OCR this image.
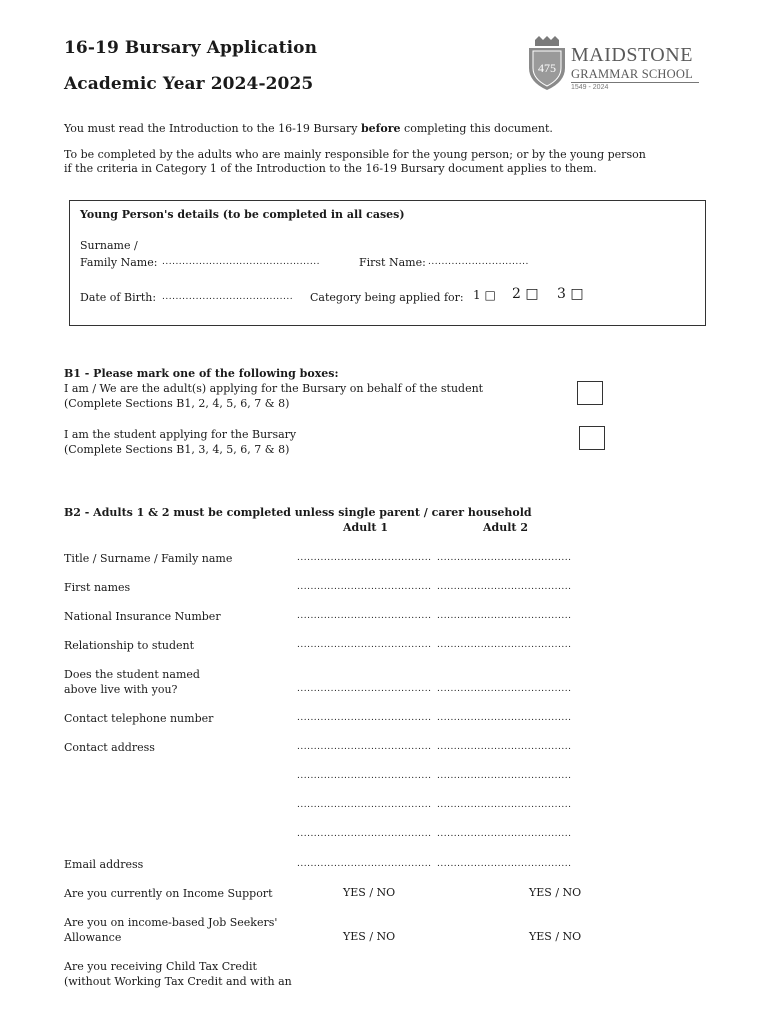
16-19 Bursary Application
Academic Year 2024-2025
475
MAIDSTONE
GRAMMAR SCHOOL
1549 - 2024
You must read the Introduction to the 16-19 Bursary before completing this document.
To be completed by the adults who are mainly responsible for the young person; or by the young person
if the criteria in Category 1 of the Introduction to the 16-19 Bursary document applies to them.
Young Person's details (to be completed in all cases)
Surname /
Family Name: ...............................................	First Name: ..............................
Date of Birth: ....................................... Category being applied for: 1 □ 2 □ 3 □
B1 - Please mark one of the following boxes:
I am / We are the adult(s) applying for the Bursary on behalf of the student
(Complete Sections B1, 2, 4, 5, 6, 7 & 8)
I am the student applying for the Bursary
(Complete Sections B1, 3, 4, 5, 6, 7 & 8)
B2 - Adults 1 & 2 must be completed unless single parent / carer household
Adult 1	Adult 2
Title / Surname / Family name	........................................ ........................................
First names	........................................ ........................................
National Insurance Number	........................................ ........................................
Relationship to student	........................................ ........................................
Does the student named
above live with you?	........................................ ........................................
Contact telephone number	........................................ ........................................
Contact address	........................................ ........................................
........................................ ........................................
........................................ ........................................
........................................ ........................................
Email address	........................................ ........................................
Are you currently on Income Support	YES / NO	YES / NO
Are you on income-based Job Seekers'
Allowance	YES / NO	YES / NO
Are you receiving Child Tax Credit
(without Working Tax Credit and with an
